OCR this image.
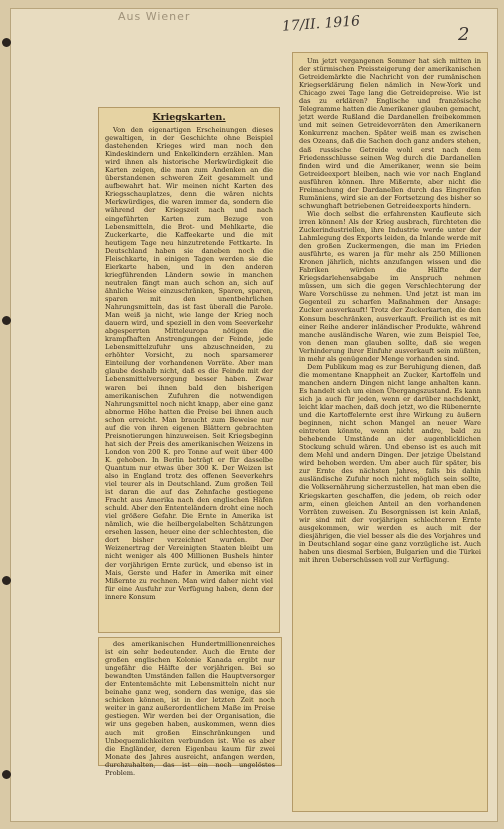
Aus Wiener	17/II. 1916	2
Kriegskarten.

Von den eigenartigen Erscheinungen dieses gewaltigen, in der Geschichte ohne Beispiel dastehenden Krieges wird man noch den Kindeskindern und Enkelkindern erzählen. Man wird ihnen als historische Merkwürdigkeit die Karten zeigen, die man zum Andenken an die überstandenen schweren Zeit gesammelt und aufbewahrt hat. Wir meinen nicht Karten des Kriegsschauplatzes, denn die wären nichts Merkwürdiges, die waren immer da, sondern die während der Kriegszeit nach und nach eingeführten Karten zum Bezuge von Lebensmitteln, die Brot- und Mehlkarte, die Zuckerkarte, die Kaffeekarte und die mit heutigem Tage neu hinzutretende Fettkarte. In Deutschland haben sie daneben noch die Fleischkarte, in einigen Tagen werden sie die Eierkarte haben, und in den anderen kriegführenden Ländern sowie in manchen neutralen fängt man auch schon an, sich auf ähnliche Weise einzuschränken, Sparen, sparen, sparen mit den unentbehrlichen Nahrungsmitteln, das ist fast überall die Parole. Man weiß ja nicht, wie lange der Krieg noch dauern wird, und speziell in den vom Seeverkehr abgesperrten Mitteleuropa nötigen die krampfhaften Anstrengungen der Feinde, jede Lebensmittelzufuhr uns abzuschneiden, zu erhöhter Vorsicht, zu noch sparsamerer Einteilung der vorhandenen Vorräte. Aber man glaube deshalb nicht, daß es die Feinde mit der Lebensmittelversorgung besser haben. Zwar waren bei ihnen bald den bisherigen amerikanischen Zufuhren die notwendigen Nahrungsmittel noch nicht knapp, aber eine ganz abnorme Höhe hatten die Preise bei ihnen auch schon erreicht. Man braucht zum Beweise nur auf die von ihren eigenen Blättern gebrachten Preisnotierungen hinzuweisen. Seit Kriegsbeginn hat sich der Preis des amerikanischen Weizens in London von 200 K. pro Tonne auf weit über 400 K. gehoben. In Berlin beträgt er für dasselbe Quantum nur etwas über 300 K. Der Weizen ist also in England trotz des offenen Seeverkehrs viel teurer als in Deutschland. Zum großen Teil ist daran die auf das Zehnfache gestiegene Fracht aus Amerika nach den englischen Häfen schuld. Aber den Ententeländern droht eine noch viel größere Gefahr. Die Ernte in Amerika ist nämlich, wie die heilbergelabelten Schätzungen ersehen lassen, heuer eine der schlechtesten, die dort bisher verzeichnet wurden. Der Weizenertrag der Vereinigten Staaten bleibt um nicht weniger als 400 Millionen Bushels hinter der vorjährigen Ernte zurück, und ebenso ist in Mais, Gerste und Hafer in Amerika mit einer Mißernte zu rechnen. Man wird daher nicht viel für eine Ausfuhr zur Verfügung haben, denn der innere Konsum

des amerikanischen Hundertmillionenreiches ist ein sehr bedeutender. Auch die Ernte der großen englischen Kolonie Kanada ergibt nur ungefähr die Hälfte der vorjährigen. Bei so bewandten Umständen fallen die Hauptversorger der Ententemächte mit Lebensmitteln nicht nur beinahe ganz weg, sondern das wenige, das sie schicken können, ist in der letzten Zeit noch weiter in ganz außerordentlichem Maße im Preise gestiegen. Wir werden bei der Organisation, die wir uns gegeben haben, auskommen, wenn dies auch mit großen Einschränkungen und Unbequemlichkeiten verbunden ist. Wie es aber die Engländer, deren Eigenbau kaum für zwei Monate des Jahres ausreicht, anfangen werden, durchzuhalten, das ist ein noch ungelöstes Problem.

Um jetzt vergangenen Sommer hat sich mitten in der stürmischen Preissteigerung der amerikanischen Getreidemärkte die Nachricht von der rumänischen Kriegserklärung fielen nämlich in New-York und Chicago zwei Tage lang die Getreidepreise. Wie ist das zu erklären? Englische und französische Telegramme hatten die Amerikaner glauben gemacht, jetzt werde Rußland die Dardanellen freibekommen und mit seinen Getreidevorräten den Amerikanern Konkurrenz machen. Später weiß man es zwischen des Ozeans, daß die Sachen doch ganz anders stehen, daß russische Getreide wohl erst nach dem Friedensschlusse seinen Weg durch die Dardanellen finden wird und die Amerikaner, wenn sie beim Getreideexport bleiben, nach wie vor nach England ausführen können. Ihre Mißernte, aber nicht die Freimachung der Dardanellen durch das Eingreifen Rumäniens, wird sie an der Fortsetzung des bisher so schwunghaft betriebenen Getreideexports hindern.

Wie doch selbst die erfahrensten Kaufleute sich irren können! Als der Krieg ausbrach, fürchteten die Zuckerindustriellen, ihre Industrie werde unter der Lahmlegung des Exports leiden, da Inlande werde mit den großen Zuckermengen, die man im Frieden ausführte, es waren ja für mehr als 250 Millionen Kronen jährlich, nichts anzufangen wissen und die Fabriken würden die Hälfte der Kriegsdarlehensabgabe im Anspruch nehmen müssen, um sich die gegen Verschlechterung der Ware Vorschüsse zu nehmen. Und jetzt ist man im Gegenteil zu scharfen Maßnahmen der Ansage: Zucker ausverkauft! Trotz der Zuckerkarten, die den Konsum beschränken, ausverkauft. Freilich ist es mit einer Reihe anderer inländischer Produkte, während manche ausländische Waren, wie zum Beispiel Tee, von denen man glauben sollte, daß sie wegen Verhinderung ihrer Einfuhr ausverkauft sein müßten, in mehr als genügender Menge vorhanden sind.

Dem Publikum mag es zur Beruhigung dienen, daß die momentane Knappheit an Zucker, Kartoffeln und manchen andern Dingen nicht lange anhalten kann. Es handelt sich um einen Übergangszustand. Es kann sich ja auch für jeden, wenn er darüber nachdenkt, leicht klar machen, daß doch jetzt, wo die Rübenernte und die Kartoffelernte erst ihre Wirkung zu äußern beginnen, nicht schon Mangel an neuer Ware eintreten könnte, wenn nicht andre, bald zu behebende Umstände an der augenblicklichen Stockung schuld wären. Und ebenso ist es auch mit dem Mehl und andern Dingen. Der jetzige Übelstand wird behoben werden. Um aber auch für später, bis zur Ernte des nächsten Jahres, falls bis dahin ausländische Zufuhr noch nicht möglich sein sollte, die Volksernährung sicherzustellen, hat man eben die Kriegskarten geschaffen, die jedem, ob reich oder arm, einen gleichen Anteil an den vorhandenen Vorräten zuweisen. Zu Besorgnissen ist kein Anlaß, wir sind mit der vorjährigen schlechteren Ernte ausgekommen, wir werden es auch mit der diesjährigen, die viel besser als die des Vorjahres und in Deutschland sogar eine ganz vorzügliche ist. Auch haben uns diesmal Serbien, Bulgarien und die Türkei mit ihren Ueberschüssen voll zur Verfügung.
